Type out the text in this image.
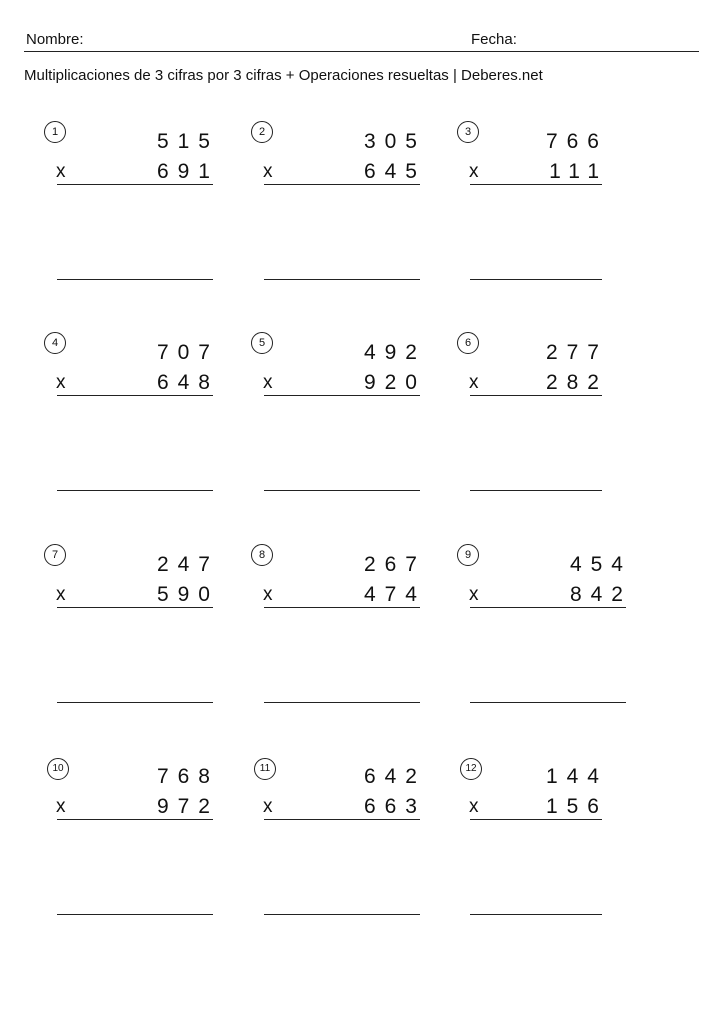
Nombre:	Fecha:
Multiplicaciones de 3 cifras por 3 cifras + Operaciones resueltas | Deberes.net
1	515
x	691
2	305
x	645
3	766
x	111
4	707
x	648
5	492
x	920
6	277
x	282
7	247
x	590
8	267
x	474
9	454
x	842
10	768
x	972
11	642
x	663
12	144
x	156
